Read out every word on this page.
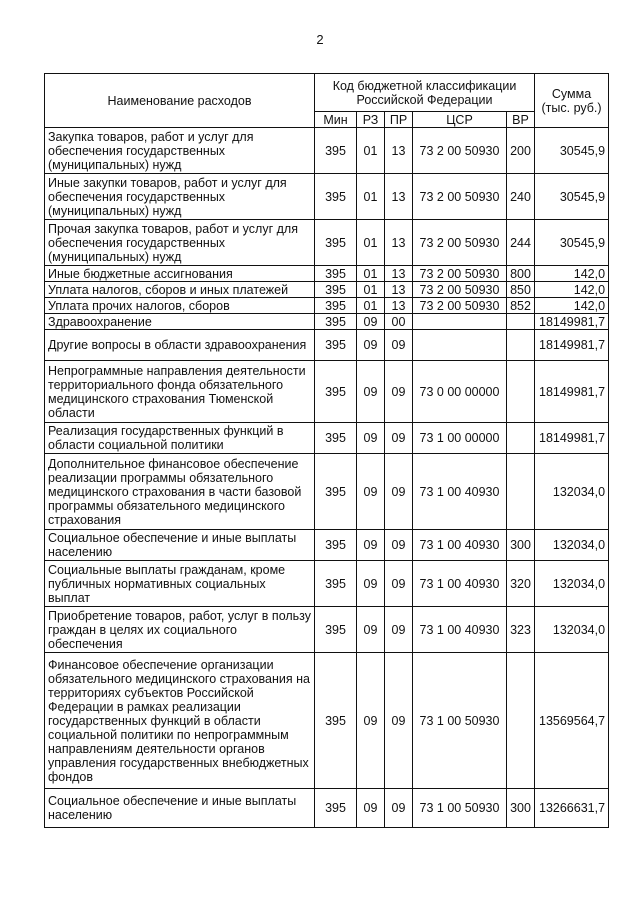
2
Наименование расходов	Код бюджетной классификации Российской Федерации					Сумма (тыс. руб.)
	Мин	РЗ	ПР	ЦСР	ВР	
Закупка товаров, работ и услуг для обеспечения государственных (муниципальных) нужд	395	01	13	73 2 00 50930	200	30545,9
Иные закупки товаров, работ и услуг для обеспечения государственных (муниципальных) нужд	395	01	13	73 2 00 50930	240	30545,9
Прочая закупка товаров, работ и услуг для обеспечения государственных (муниципальных) нужд	395	01	13	73 2 00 50930	244	30545,9
Иные бюджетные ассигнования	395	01	13	73 2 00 50930	800	142,0
Уплата налогов, сборов и иных платежей	395	01	13	73 2 00 50930	850	142,0
Уплата прочих налогов, сборов	395	01	13	73 2 00 50930	852	142,0
Здравоохранение	395	09	00			18149981,7
Другие вопросы в области здравоохранения	395	09	09			18149981,7
Непрограммные направления деятельности территориального фонда обязательного медицинского страхования Тюменской области	395	09	09	73 0 00 00000		18149981,7
Реализация государственных функций в области социальной политики	395	09	09	73 1 00 00000		18149981,7
Дополнительное финансовое обеспечение реализации программы обязательного медицинского страхования в части базовой программы обязательного медицинского страхования	395	09	09	73 1 00 40930		132034,0
Социальное обеспечение и иные выплаты населению	395	09	09	73 1 00 40930	300	132034,0
Социальные выплаты гражданам, кроме публичных нормативных социальных выплат	395	09	09	73 1 00 40930	320	132034,0
Приобретение товаров, работ, услуг в пользу граждан в целях их социального обеспечения	395	09	09	73 1 00 40930	323	132034,0
Финансовое обеспечение организации обязательного медицинского страхования на территориях субъектов Российской Федерации в рамках реализации государственных функций в области социальной политики по непрограммным направлениям деятельности органов управления государственных внебюджетных фондов	395	09	09	73 1 00 50930		13569564,7
Социальное обеспечение и иные выплаты населению	395	09	09	73 1 00 50930	300	13266631,7
